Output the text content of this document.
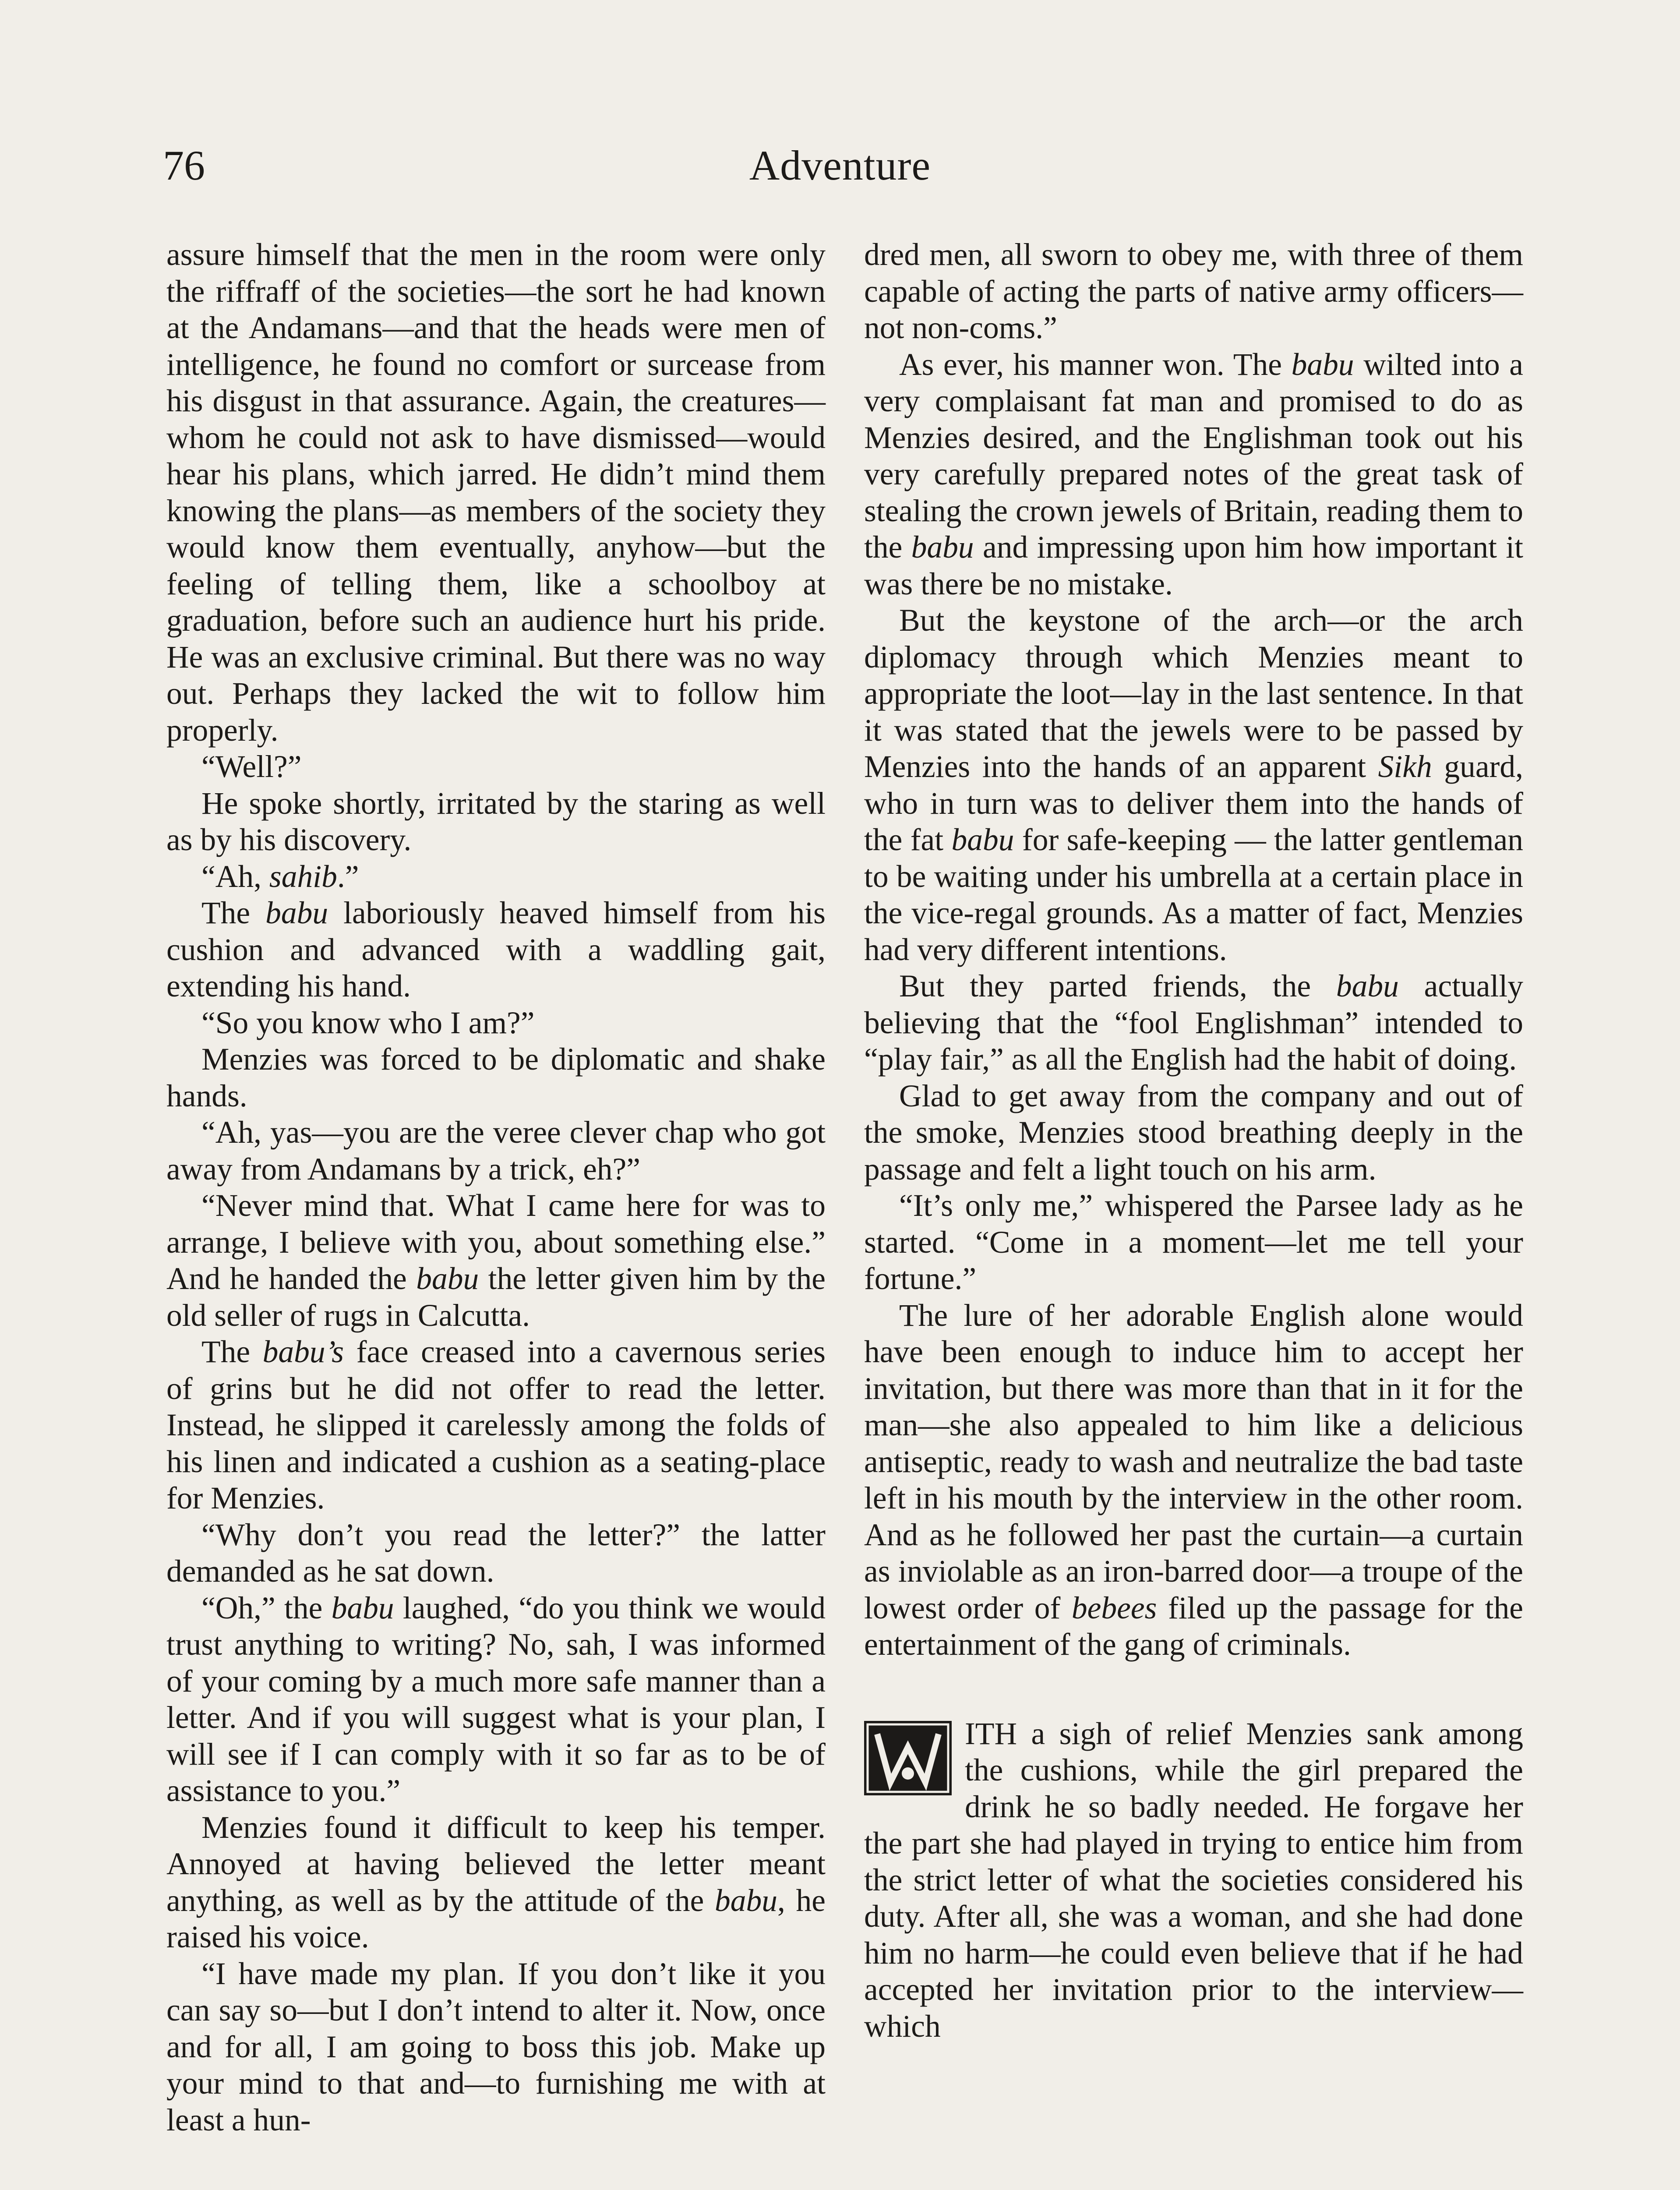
76	Adventure

assure himself that the men in the room were only the riffraff of the societies—the sort he had known at the Andamans—and that the heads were men of intelligence, he found no comfort or surcease from his disgust in that assurance. Again, the creatures—whom he could not ask to have dismissed—would hear his plans, which jarred. He didn’t mind them knowing the plans—as members of the society they would know them eventually, anyhow—but the feeling of telling them, like a schoolboy at graduation, before such an audience hurt his pride. He was an exclusive criminal. But there was no way out. Perhaps they lacked the wit to follow him properly.

“Well?”

He spoke shortly, irritated by the staring as well as by his discovery.

“Ah, sahib.”

The babu laboriously heaved himself from his cushion and advanced with a waddling gait, extending his hand.

“So you know who I am?”

Menzies was forced to be diplomatic and shake hands.

“Ah, yas—you are the veree clever chap who got away from Andamans by a trick, eh?”

“Never mind that. What I came here for was to arrange, I believe with you, about something else.” And he handed the babu the letter given him by the old seller of rugs in Calcutta.

The babu’s face creased into a cavernous series of grins but he did not offer to read the letter. Instead, he slipped it carelessly among the folds of his linen and indicated a cushion as a seating-place for Menzies.

“Why don’t you read the letter?” the latter demanded as he sat down.

“Oh,” the babu laughed, “do you think we would trust anything to writing? No, sah, I was informed of your coming by a much more safe manner than a letter. And if you will suggest what is your plan, I will see if I can comply with it so far as to be of assistance to you.”

Menzies found it difficult to keep his temper. Annoyed at having believed the letter meant anything, as well as by the attitude of the babu, he raised his voice.

“I have made my plan. If you don’t like it you can say so—but I don’t intend to alter it. Now, once and for all, I am going to boss this job. Make up your mind to that and—to furnishing me with at least a hun-

dred men, all sworn to obey me, with three of them capable of acting the parts of native army officers—not non-coms.”

As ever, his manner won. The babu wilted into a very complaisant fat man and promised to do as Menzies desired, and the Englishman took out his very carefully prepared notes of the great task of stealing the crown jewels of Britain, reading them to the babu and impressing upon him how important it was there be no mistake.

But the keystone of the arch—or the arch diplomacy through which Menzies meant to appropriate the loot—lay in the last sentence. In that it was stated that the jewels were to be passed by Menzies into the hands of an apparent Sikh guard, who in turn was to deliver them into the hands of the fat babu for safe-keeping — the latter gentleman to be waiting under his umbrella at a certain place in the vice-regal grounds. As a matter of fact, Menzies had very different intentions.

But they parted friends, the babu actually believing that the “fool Englishman” intended to “play fair,” as all the English had the habit of doing.

Glad to get away from the company and out of the smoke, Menzies stood breathing deeply in the passage and felt a light touch on his arm.

“It’s only me,” whispered the Parsee lady as he started. “Come in a moment—let me tell your fortune.”

The lure of her adorable English alone would have been enough to induce him to accept her invitation, but there was more than that in it for the man—she also appealed to him like a delicious antiseptic, ready to wash and neutralize the bad taste left in his mouth by the interview in the other room. And as he followed her past the curtain—a curtain as inviolable as an iron-barred door—a troupe of the lowest order of bebees filed up the passage for the entertainment of the gang of criminals.

ITH a sigh of relief Menzies sank among the cushions, while the girl prepared the drink he so badly needed. He forgave her the part she had played in trying to entice him from the strict letter of what the societies considered his duty. After all, she was a woman, and she had done him no harm—he could even believe that if he had accepted her invitation prior to the interview—which
